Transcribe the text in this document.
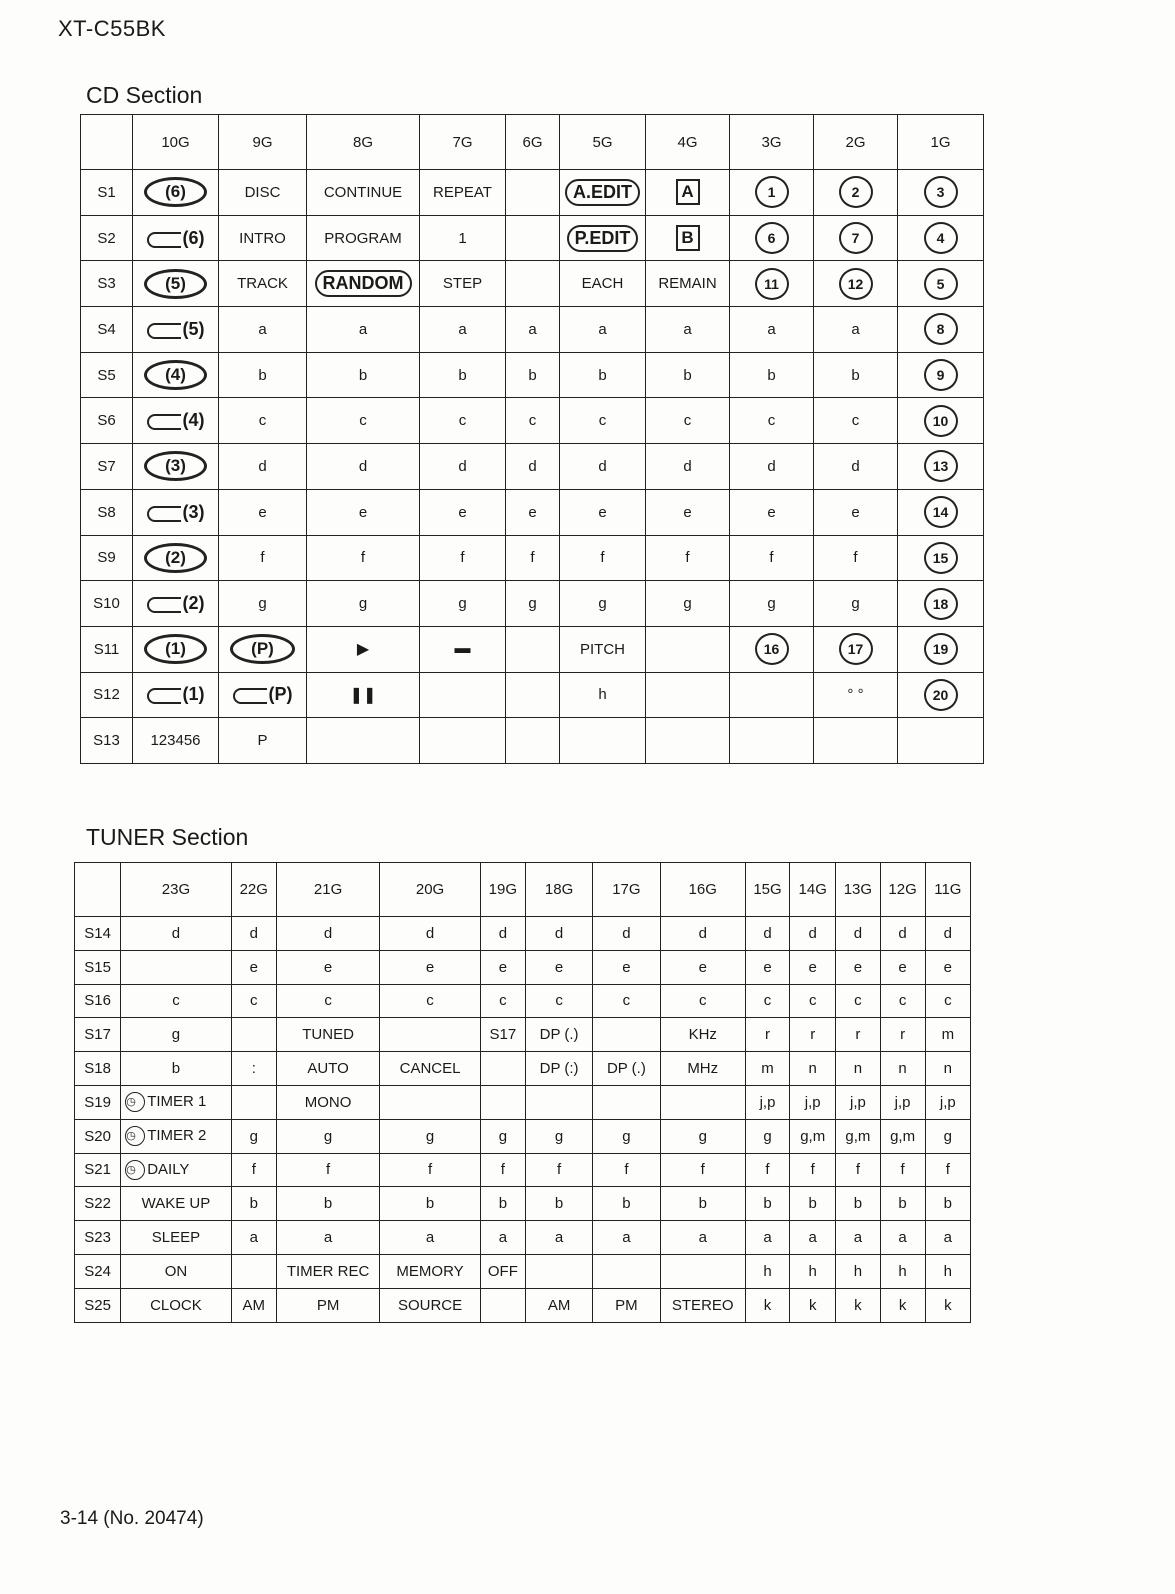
XT-C55BK
CD Section
	10G	9G	8G	7G	6G	5G	4G	3G	2G	1G
S1	(6)	DISC	CONTINUE	REPEAT		A.EDIT	A	1	2	3
S2	(6)	INTRO	PROGRAM	1		P.EDIT	B	6	7	4
S3	(5)	TRACK	RANDOM	STEP		EACH	REMAIN	11	12	5
S4	(5)	a	a	a	a	a	a	a	a	8
S5	(4)	b	b	b	b	b	b	b	b	9
S6	(4)	c	c	c	c	c	c	c	c	10
S7	(3)	d	d	d	d	d	d	d	d	13
S8	(3)	e	e	e	e	e	e	e	e	14
S9	(2)	f	f	f	f	f	f	f	f	15
S10	(2)	g	g	g	g	g	g	g	g	18
S11	(1)	(P)	▶	▬		PITCH		16	17	19
S12	(1)	(P)	❚❚			h			° °	20
S13	123456	P								
TUNER Section
	23G	22G	21G	20G	19G	18G	17G	16G	15G	14G	13G	12G	11G
S14	d	d	d	d	d	d	d	d	d	d	d	d	d
S15		e	e	e	e	e	e	e	e	e	e	e	e
S16	c	c	c	c	c	c	c	c	c	c	c	c	c
S17	g		TUNED		S17	DP (.)		KHz	r	r	r	r	m
S18	b	:	AUTO	CANCEL		DP (:)	DP (.)	MHz	m	n	n	n	n
S19	◷ TIMER 1		MONO						j,p	j,p	j,p	j,p	j,p
S20	◷ TIMER 2	g	g	g	g	g	g	g	g	g,m	g,m	g,m	g
S21	◷ DAILY	f	f	f	f	f	f	f	f	f	f	f	f
S22	WAKE UP	b	b	b	b	b	b	b	b	b	b	b	b
S23	SLEEP	a	a	a	a	a	a	a	a	a	a	a	a
S24	ON		TIMER REC	MEMORY	OFF				h	h	h	h	h
S25	CLOCK	AM	PM	SOURCE		AM	PM	STEREO	k	k	k	k	k
3-14 (No. 20474)
